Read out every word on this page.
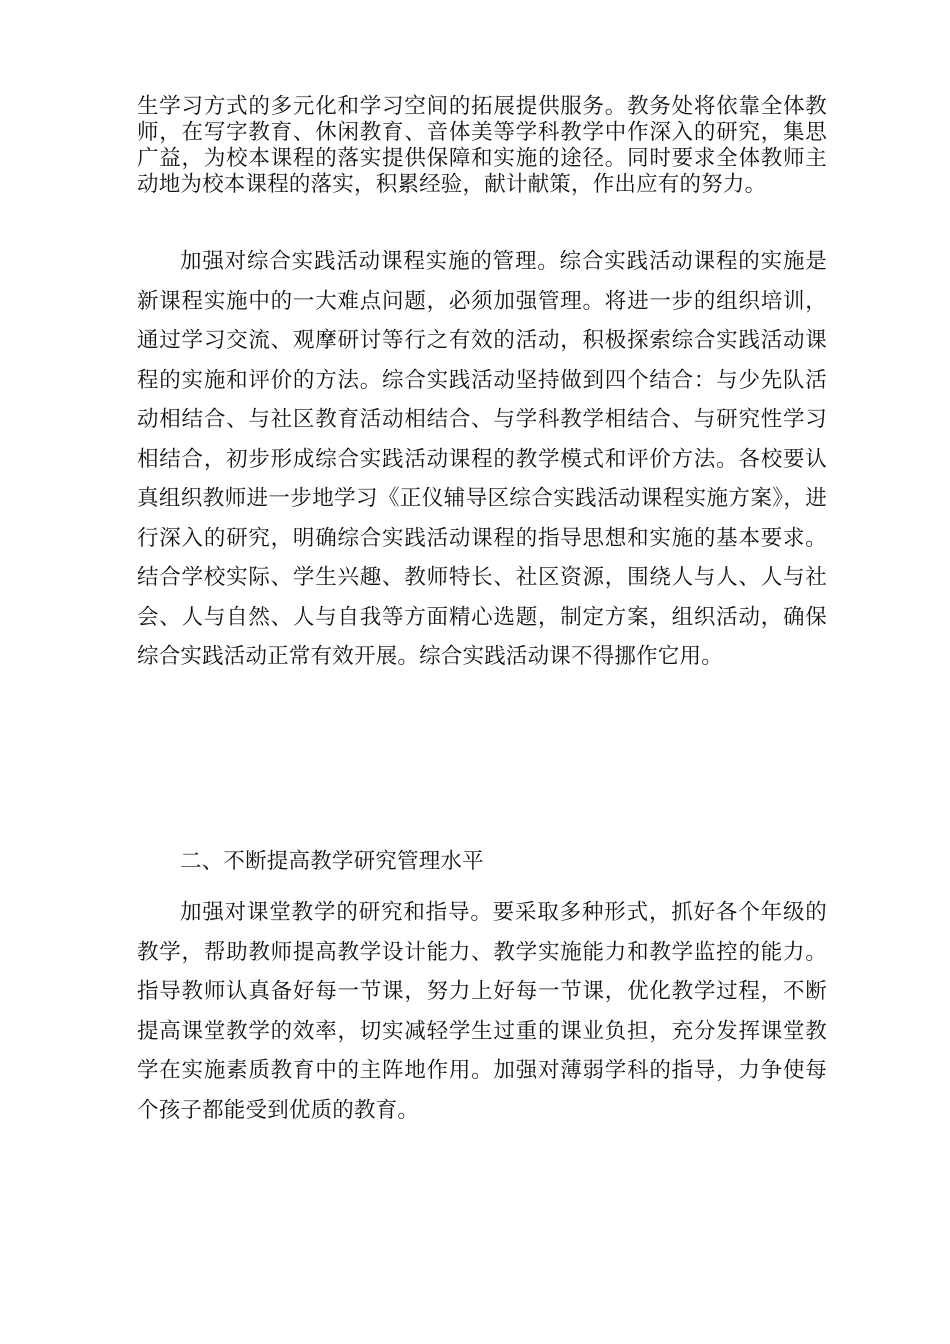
生学习方式的多元化和学习空间的拓展提供服务。教务处将依靠全体教师，在写字教育、休闲教育、音体美等学科教学中作深入的研究，集思广益，为校本课程的落实提供保障和实施的途径。同时要求全体教师主动地为校本课程的落实，积累经验，献计献策，作出应有的努力。

加强对综合实践活动课程实施的管理。综合实践活动课程的实施是新课程实施中的一大难点问题，必须加强管理。将进一步的组织培训，通过学习交流、观摩研讨等行之有效的活动，积极探索综合实践活动课程的实施和评价的方法。综合实践活动坚持做到四个结合：与少先队活动相结合、与社区教育活动相结合、与学科教学相结合、与研究性学习相结合，初步形成综合实践活动课程的教学模式和评价方法。各校要认真组织教师进一步地学习《正仪辅导区综合实践活动课程实施方案》，进行深入的研究，明确综合实践活动课程的指导思想和实施的基本要求。结合学校实际、学生兴趣、教师特长、社区资源，围绕人与人、人与社会、人与自然、人与自我等方面精心选题，制定方案，组织活动，确保综合实践活动正常有效开展。综合实践活动课不得挪作它用。

二、不断提高教学研究管理水平

加强对课堂教学的研究和指导。要采取多种形式，抓好各个年级的教学，帮助教师提高教学设计能力、教学实施能力和教学监控的能力。指导教师认真备好每一节课，努力上好每一节课，优化教学过程，不断提高课堂教学的效率，切实减轻学生过重的课业负担，充分发挥课堂教学在实施素质教育中的主阵地作用。加强对薄弱学科的指导，力争使每个孩子都能受到优质的教育。
